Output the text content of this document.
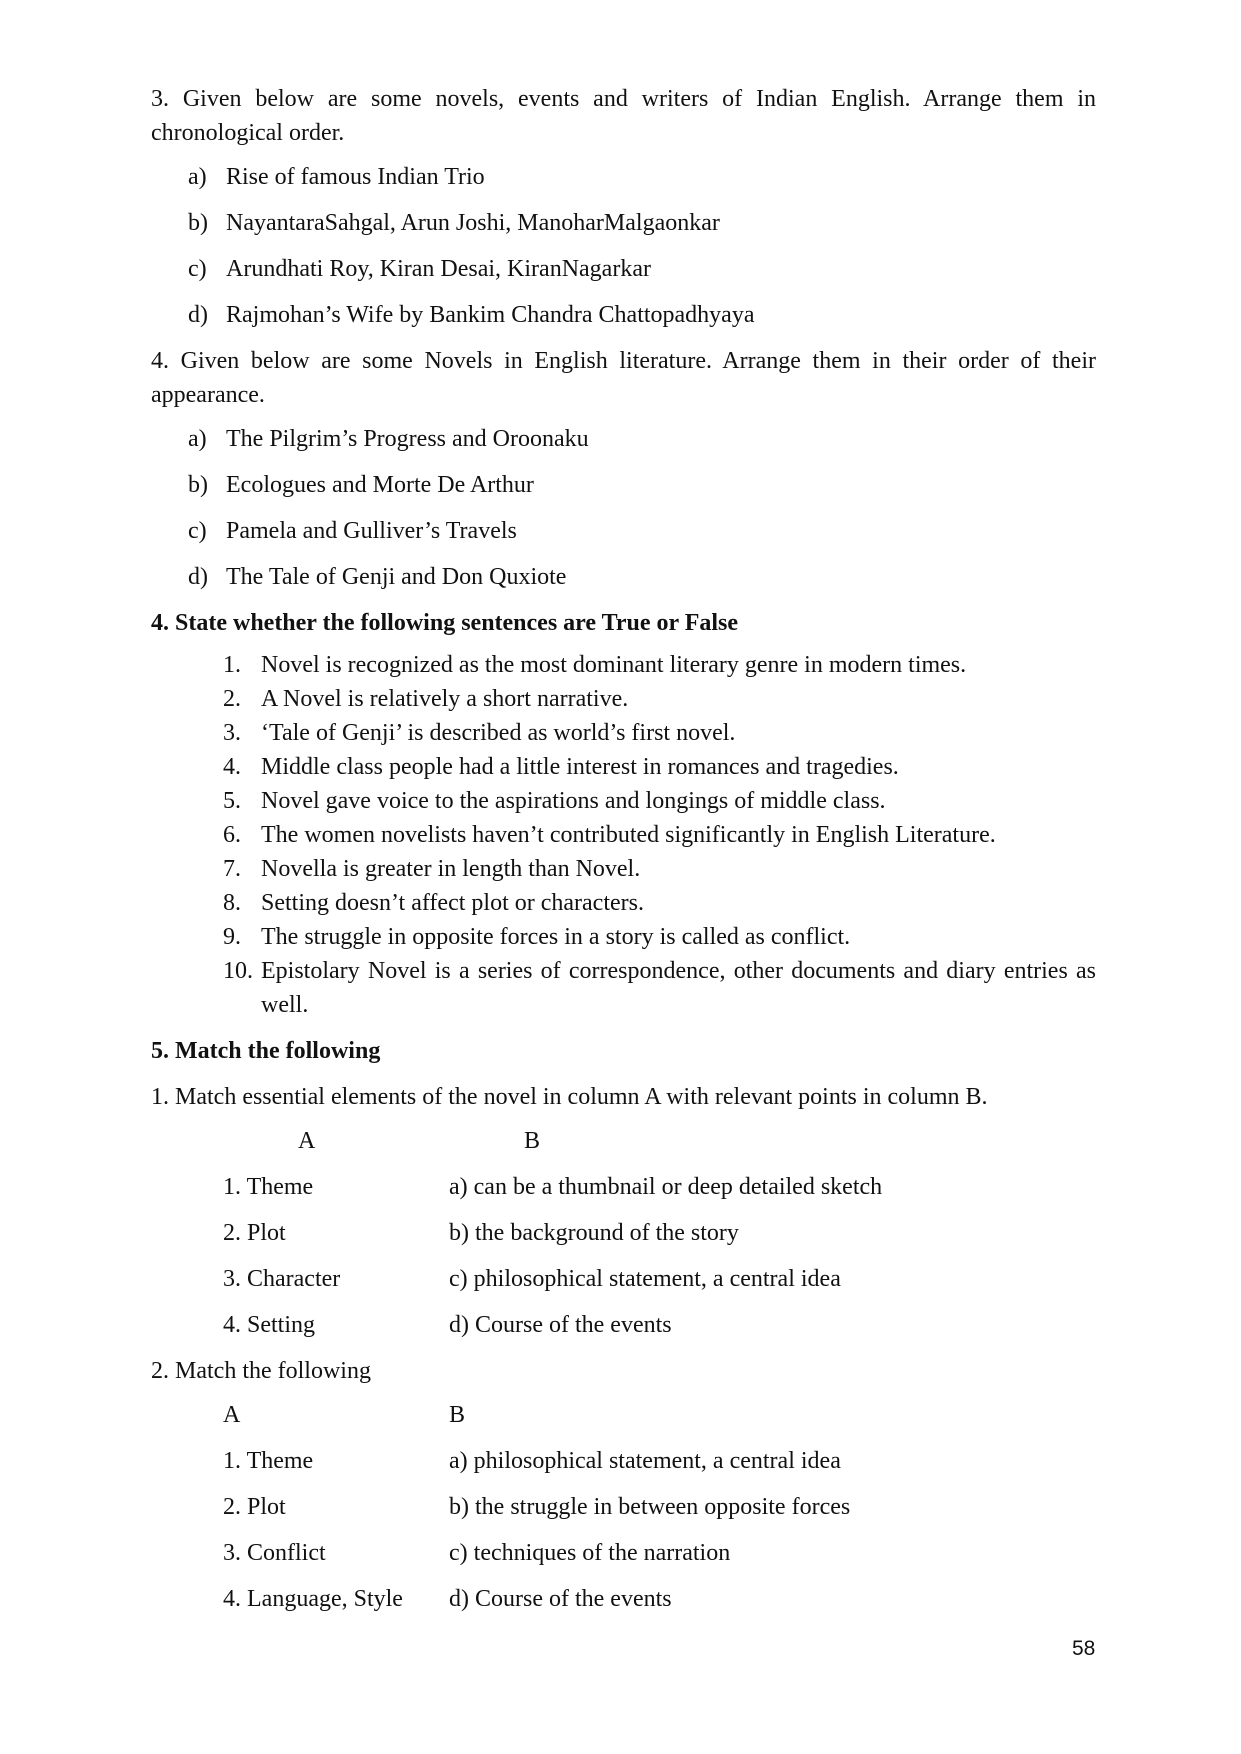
3. Given below are some novels, events and writers of Indian English. Arrange them in chronological order.

a) Rise of famous Indian Trio
b) NayantaraSahgal, Arun Joshi, ManoharMalgaonkar
c) Arundhati Roy, Kiran Desai, KiranNagarkar
d) Rajmohan’s Wife by Bankim Chandra Chattopadhyaya

4. Given below are some Novels in English literature. Arrange them in their order of their appearance.

a) The Pilgrim’s Progress and Oroonaku
b) Ecologues and Morte De Arthur
c) Pamela and Gulliver’s Travels
d) The Tale of Genji and Don Quxiote

4. State whether the following sentences are True or False

1. Novel is recognized as the most dominant literary genre in modern times.
2. A Novel is relatively a short narrative.
3. ‘Tale of Genji’ is described as world’s first novel.
4. Middle class people had a little interest in romances and tragedies.
5. Novel gave voice to the aspirations and longings of middle class.
6. The women novelists haven’t contributed significantly in English Literature.
7. Novella is greater in length than Novel.
8. Setting doesn’t affect plot or characters.
9. The struggle in opposite forces in a story is called as conflict.
10. Epistolary Novel is a series of correspondence, other documents and diary entries as well.

5. Match the following

1. Match essential elements of the novel in column A with relevant points in column B.

A	B
1. Theme	a) can be a thumbnail or deep detailed sketch
2. Plot	b) the background of the story
3. Character	c) philosophical statement, a central idea
4. Setting	d) Course of the events

2. Match the following

A	B
1. Theme	a) philosophical statement, a central idea
2. Plot	b) the struggle in between opposite forces
3. Conflict	c) techniques of the narration
4. Language, Style	d) Course of the events
58
